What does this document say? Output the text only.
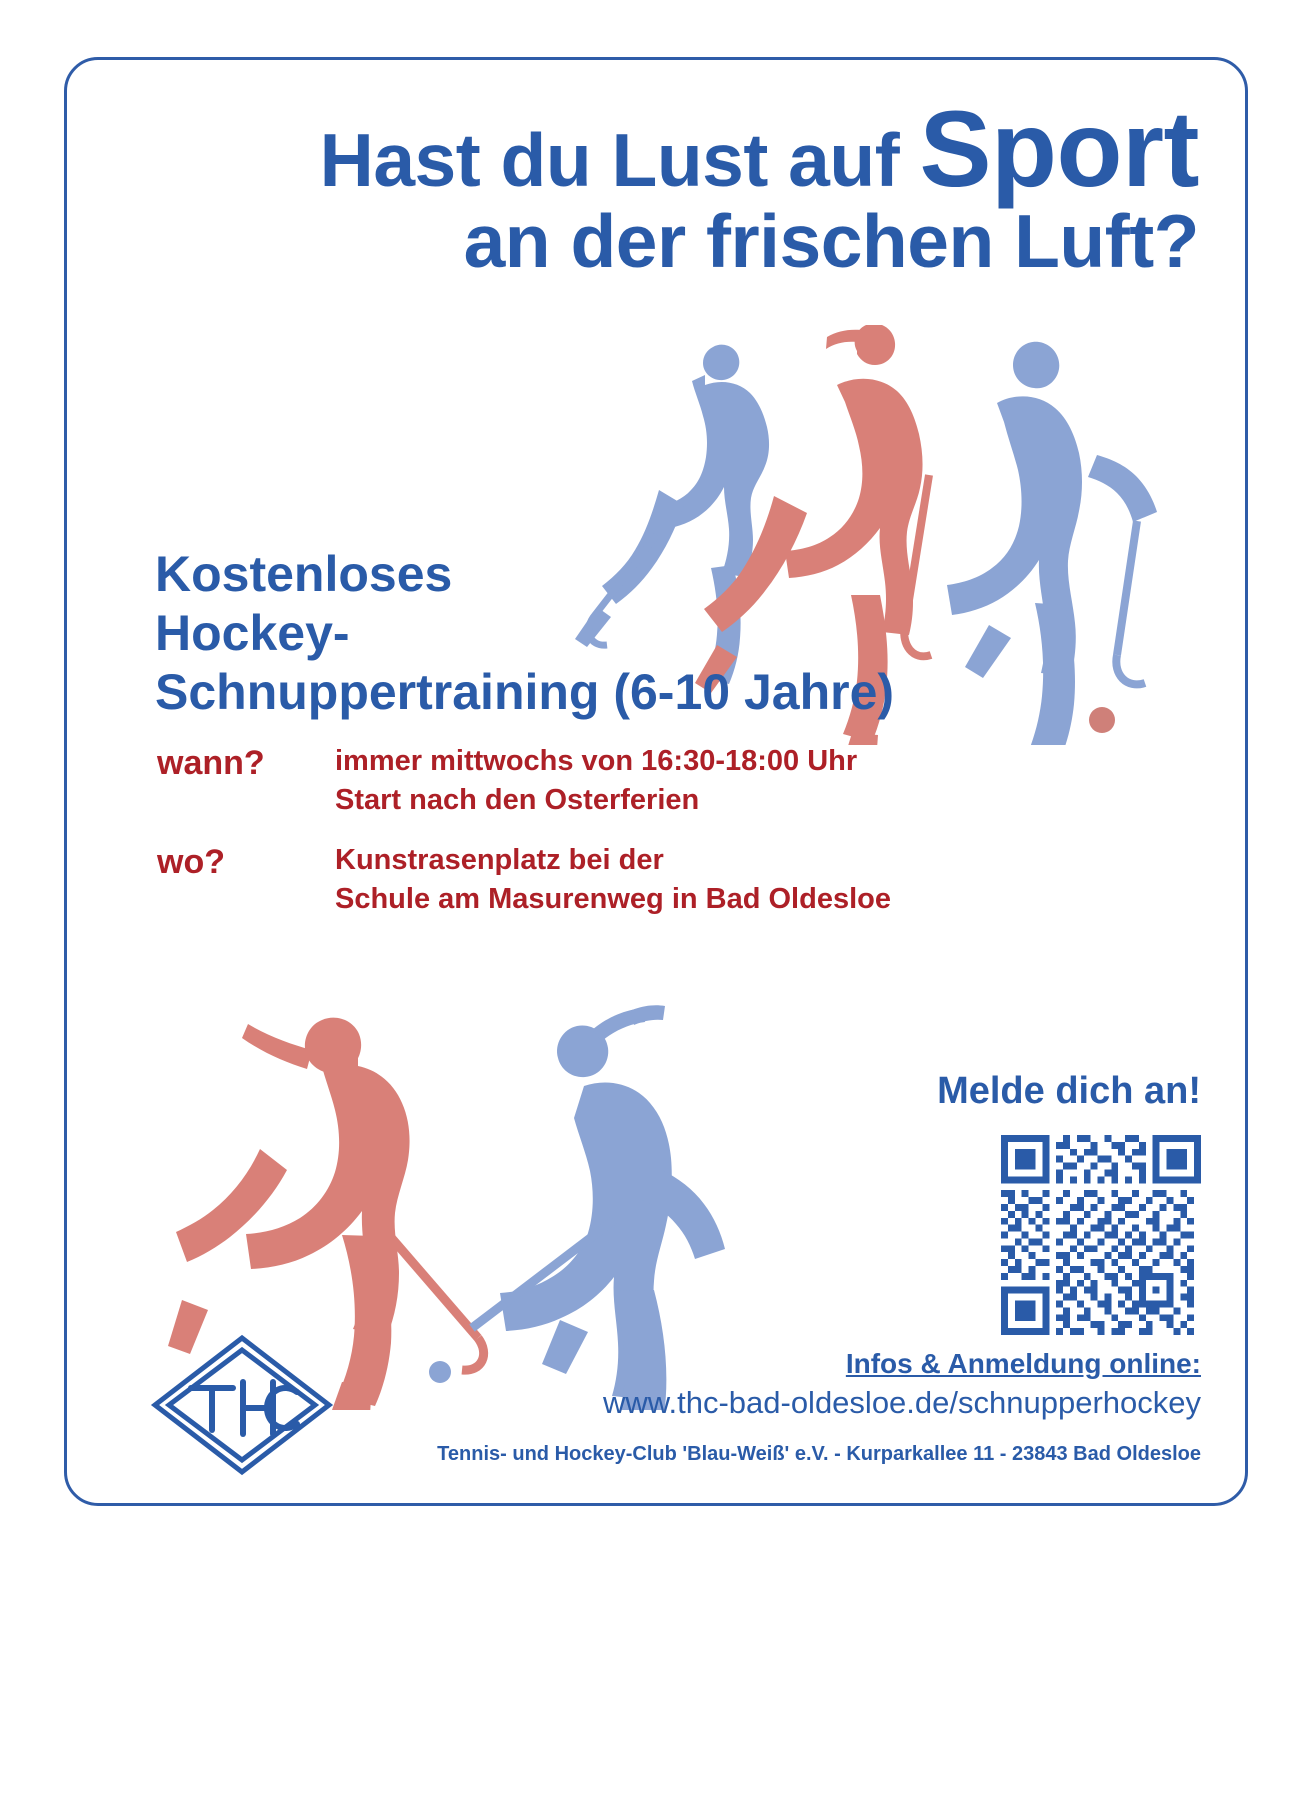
Hast du Lust auf Sport
an der frischen Luft?
Kostenloses
Hockey-
Schnuppertraining (6-10 Jahre)
wann?	immer mittwochs von 16:30-18:00 Uhr
Start nach den Osterferien
wo?	Kunstrasenplatz bei der
Schule am Masurenweg in Bad Oldesloe
Melde dich an!
Infos & Anmeldung online:
www.thc-bad-oldesloe.de/schnupperhockey
Tennis- und Hockey-Club 'Blau-Weiß' e.V. - Kurparkallee 11 - 23843 Bad Oldesloe
